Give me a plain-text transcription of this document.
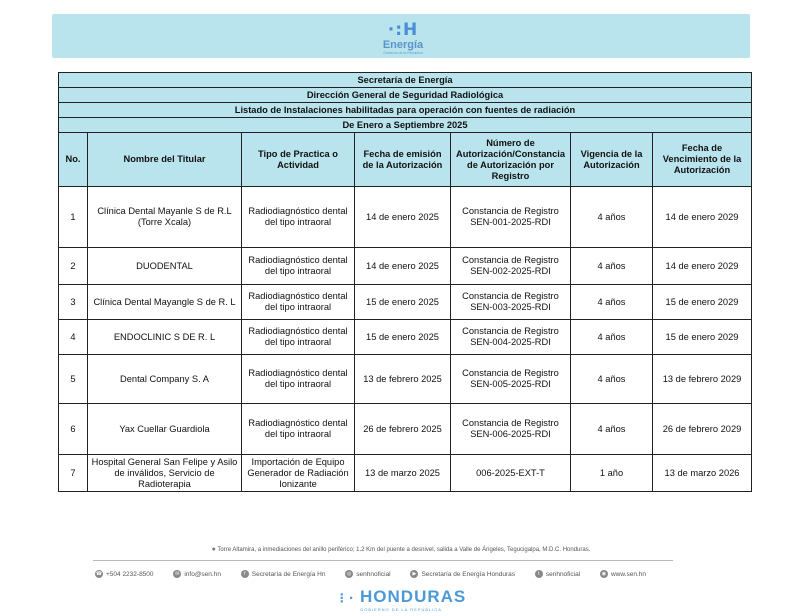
·:H
Energía
Gobierno de la República
Secretaría de Energía						
Dirección General de Seguridad Radiológica						
Listado de Instalaciones habilitadas para operación con fuentes de radiación						
De Enero a Septiembre 2025						
No.	Nombre del Titular	Tipo de Practica o Actividad	Fecha de emisión de la Autorización	Número de Autorización/Constancia de Autorización por Registro	Vigencia de la Autorización	Fecha de Vencimiento de la Autorización
1	Clínica Dental Mayanle S de R.L (Torre Xcala)	Radiodiagnóstico dental del tipo intraoral	14 de enero 2025	Constancia de Registro SEN-001-2025-RDI	4 años	14 de enero 2029
2	DUODENTAL	Radiodiagnóstico dental del tipo intraoral	14 de enero 2025	Constancia de Registro SEN-002-2025-RDI	4 años	14 de enero 2029
3	Clínica Dental Mayangle S de R. L	Radiodiagnóstico dental del tipo intraoral	15 de enero 2025	Constancia de Registro SEN-003-2025-RDI	4 años	15 de enero 2029
4	ENDOCLINIC S DE R. L	Radiodiagnóstico dental del tipo intraoral	15 de enero 2025	Constancia de Registro SEN-004-2025-RDI	4 años	15 de enero 2029
5	Dental Company S. A	Radiodiagnóstico dental del tipo intraoral	13 de febrero 2025	Constancia de Registro SEN-005-2025-RDI	4 años	13 de febrero 2029
6	Yax Cuellar Guardiola	Radiodiagnóstico dental del tipo intraoral	26 de febrero 2025	Constancia de Registro SEN-006-2025-RDI	4 años	26 de febrero 2029
7	Hospital General San Felipe y Asilo de inválidos, Servicio de Radioterapia	Importación de Equipo Generador de Radiación Ionizante	13 de marzo 2025	006-2025-EXT-T	1 año	13 de marzo 2026
● Torre Altamira, a inmediaciones del anillo periférico; 1.2 Km del puente a desnivel, salida a Valle de Ángeles, Tegucigalpa, M.D.C. Honduras.
☎ +504 2232-8500	✉ info@sen.hn	f Secretaría de Energía Hn	◎ senhnoficial	▶ Secretaría de Energía Honduras	t senhnoficial	◉ www.sen.hn
⋮⋅ HONDURAS
GOBIERNO DE LA REPÚBLICA
